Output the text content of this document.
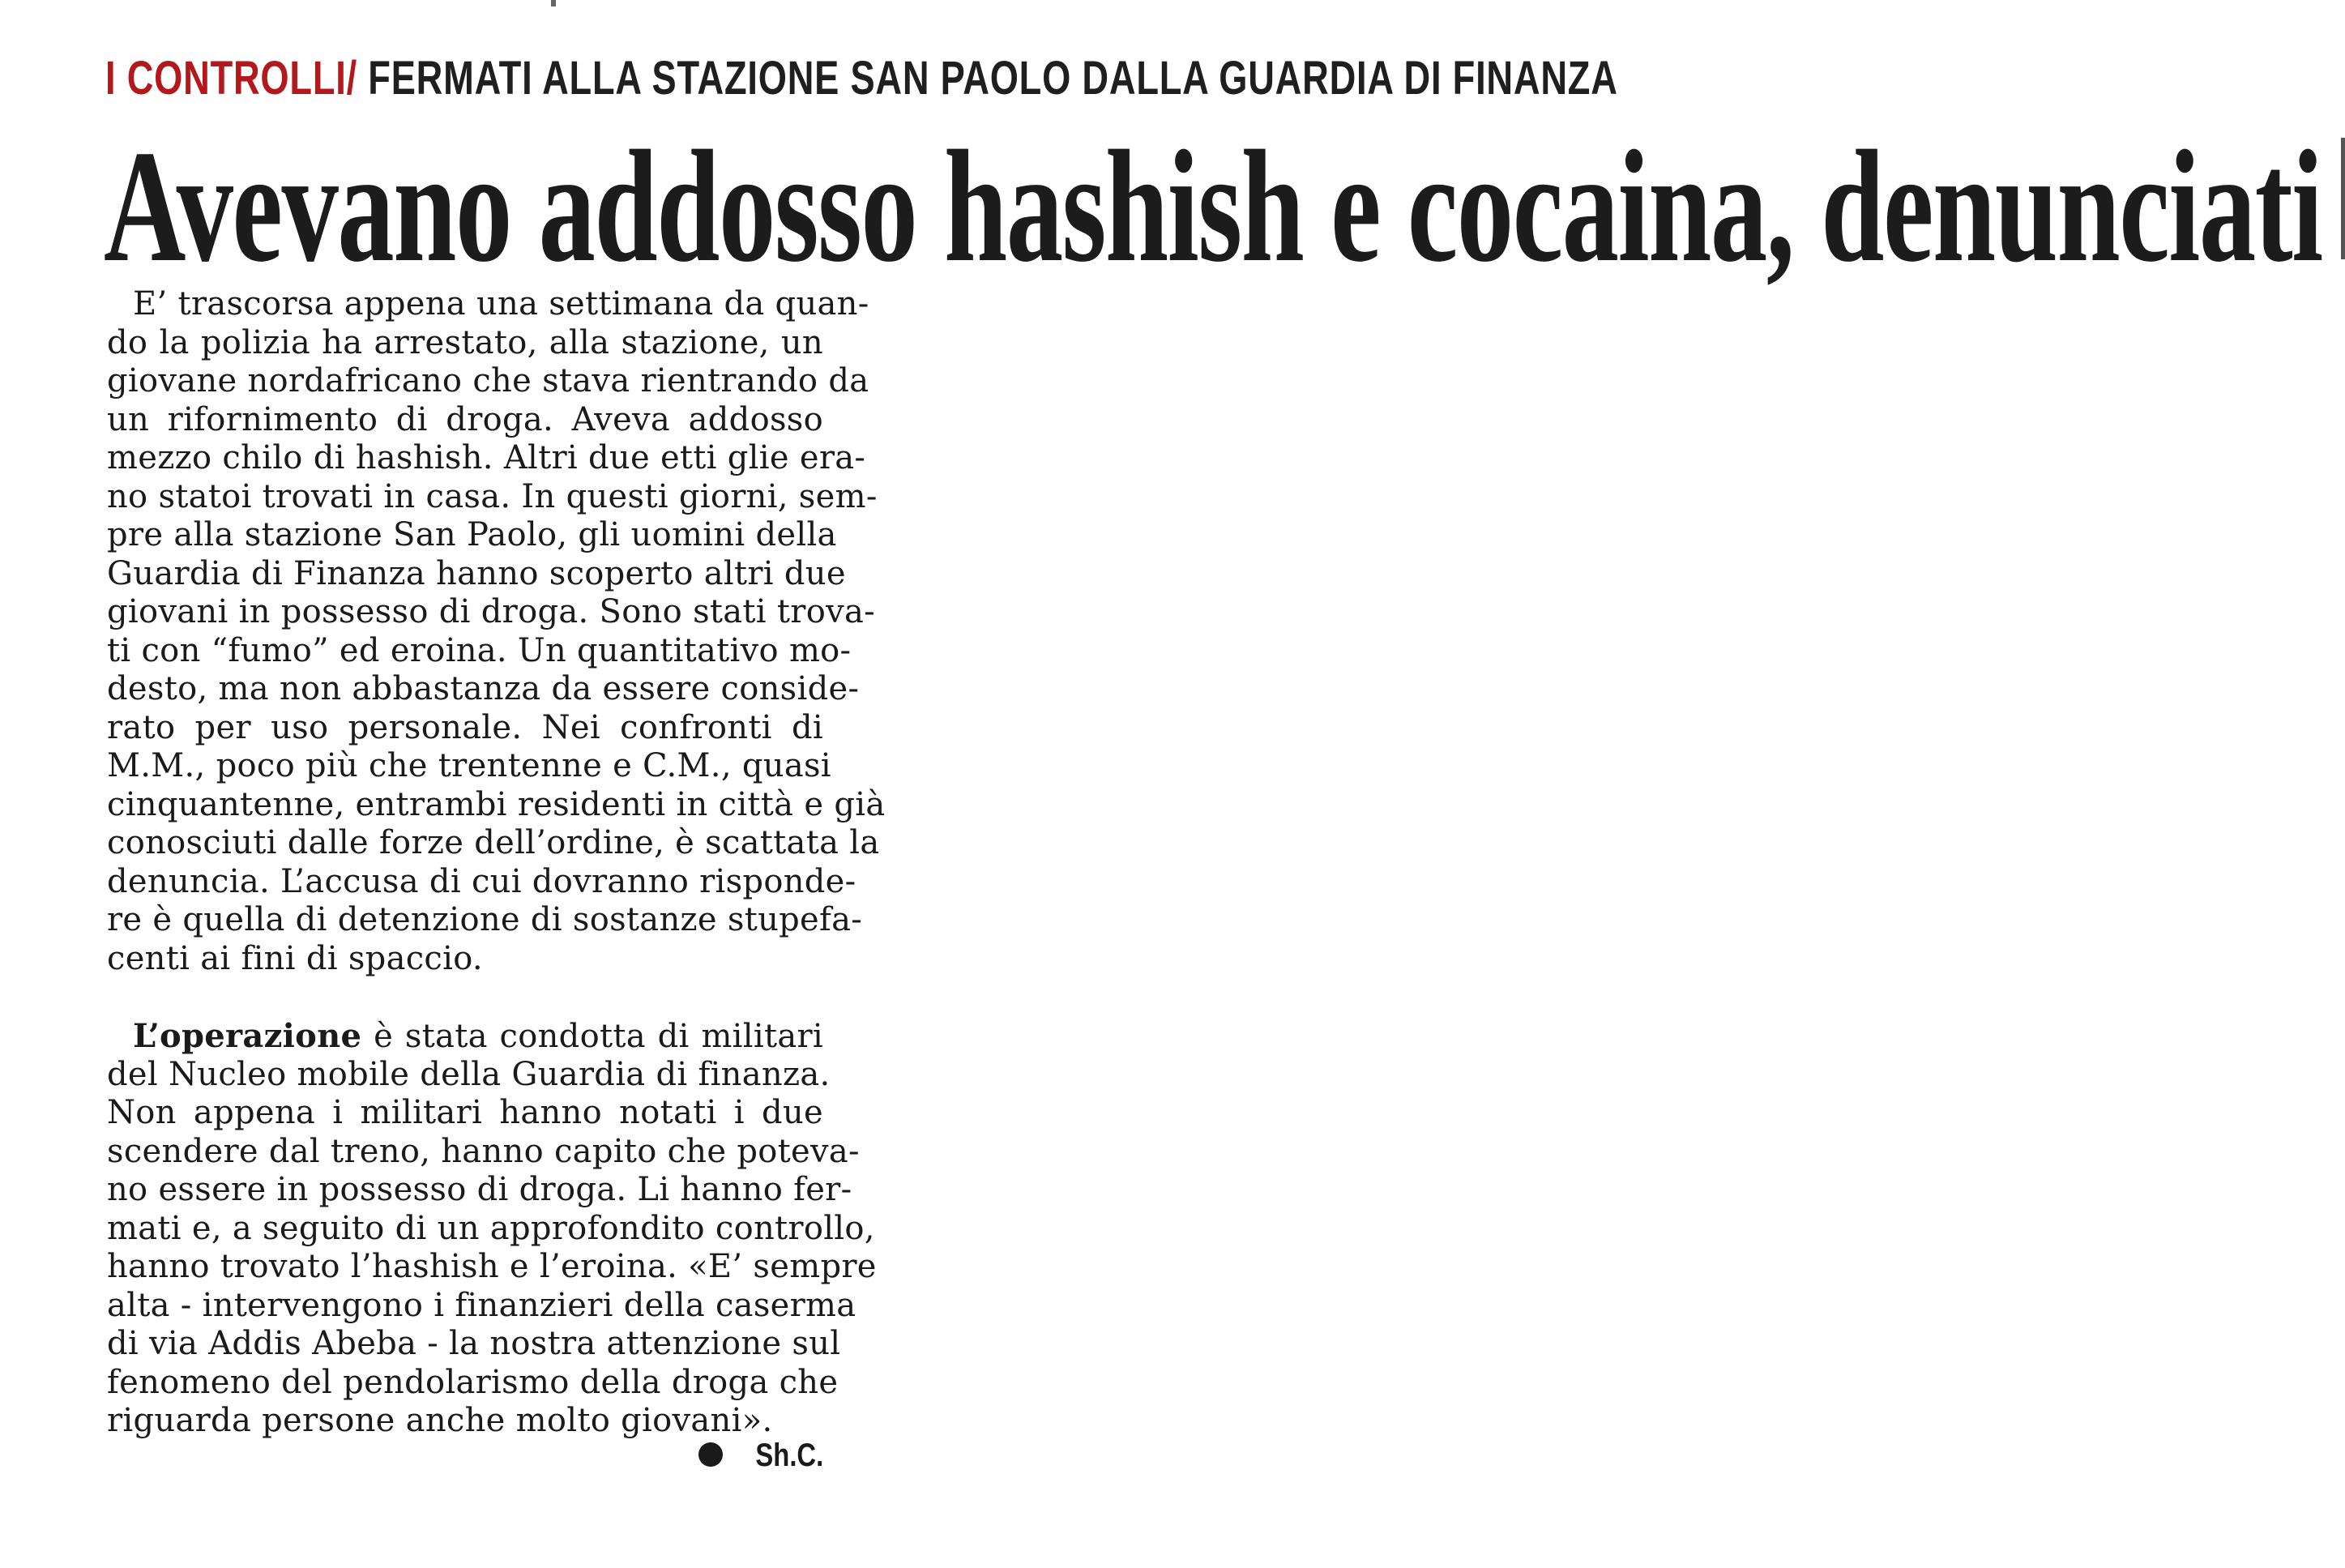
I CONTROLLI/ FERMATI ALLA STAZIONE SAN PAOLO DALLA GUARDIA DI FINANZA
Avevano addosso hashish e cocaina, denunciati
E’ trascorsa appena una settimana da quan-
do la polizia ha arrestato, alla stazione, un
giovane nordafricano che stava rientrando da
un rifornimento di droga. Aveva addosso
mezzo chilo di hashish. Altri due etti glie era-
no statoi trovati in casa. In questi giorni, sem-
pre alla stazione San Paolo, gli uomini della
Guardia di Finanza hanno scoperto altri due
giovani in possesso di droga. Sono stati trova-
ti con “fumo” ed eroina. Un quantitativo mo-
desto, ma non abbastanza da essere conside-
rato per uso personale. Nei confronti di
M.M., poco più che trentenne e C.M., quasi
cinquantenne, entrambi residenti in città e già
conosciuti dalle forze dell’ordine, è scattata la
denuncia. L’accusa di cui dovranno risponde-
re è quella di detenzione di sostanze stupefa-
centi ai fini di spaccio.
L’operazione è stata condotta di militari
del Nucleo mobile della Guardia di finanza.
Non appena i militari hanno notati i due
scendere dal treno, hanno capito che poteva-
no essere in possesso di droga. Li hanno fer-
mati e, a seguito di un approfondito controllo,
hanno trovato l’hashish e l’eroina. «E’ sempre
alta - intervengono i finanzieri della caserma
di via Addis Abeba - la nostra attenzione sul
fenomeno del pendolarismo della droga che
riguarda persone anche molto giovani».
Sh.C.
